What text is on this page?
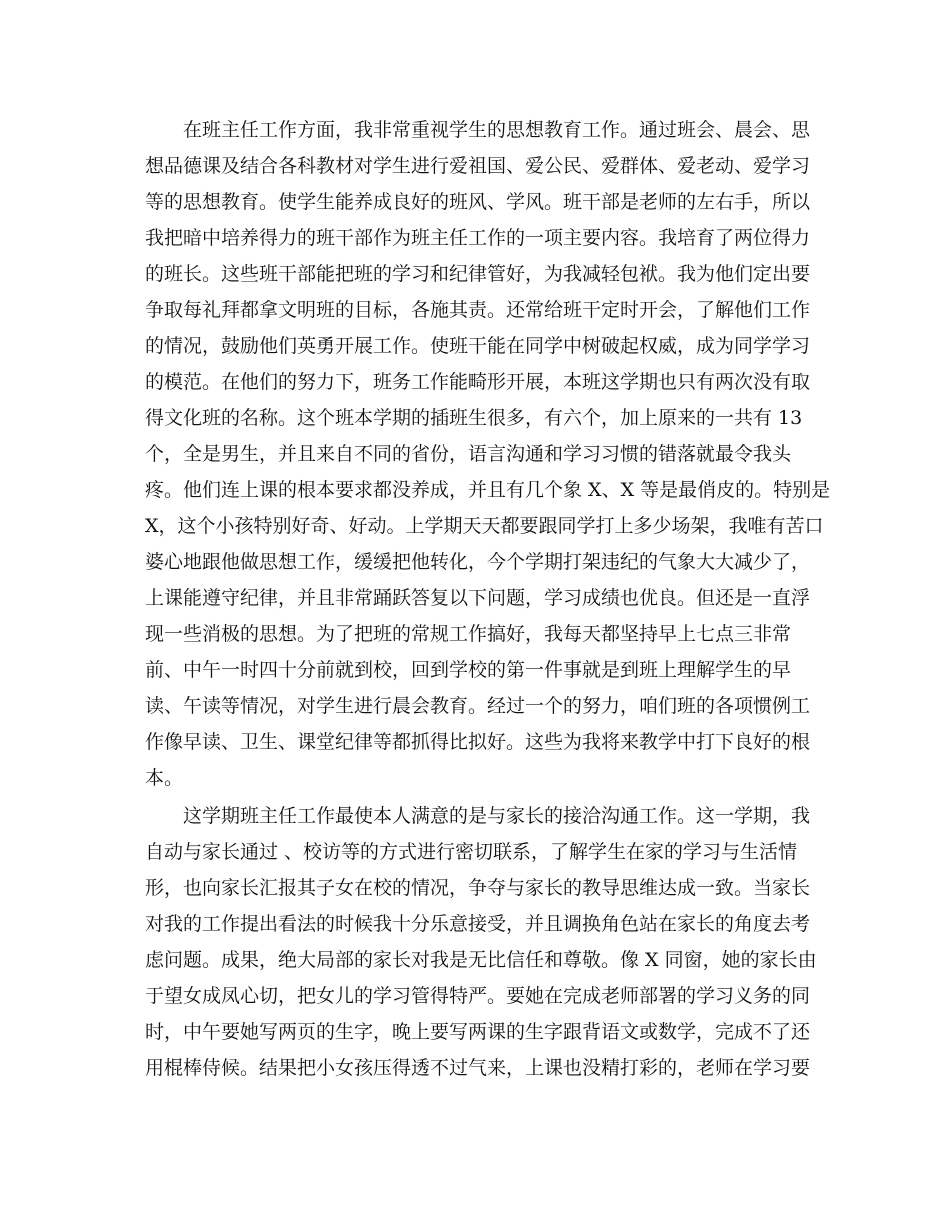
在班主任工作方面，我非常重视学生的思想教育工作。通过班会、晨会、思
想品德课及结合各科教材对学生进行爱祖国、爱公民、爱群体、爱老动、爱学习
等的思想教育。使学生能养成良好的班风、学风。班干部是老师的左右手，所以
我把暗中培养得力的班干部作为班主任工作的一项主要内容。我培育了两位得力
的班长。这些班干部能把班的学习和纪律管好，为我减轻包袱。我为他们定出要
争取每礼拜都拿文明班的目标，各施其责。还常给班干定时开会，了解他们工作
的情况，鼓励他们英勇开展工作。使班干能在同学中树破起权威，成为同学学习
的模范。在他们的努力下，班务工作能畸形开展，本班这学期也只有两次没有取
得文化班的名称。这个班本学期的插班生很多，有六个，加上原来的一共有 13
个，全是男生，并且来自不同的省份，语言沟通和学习习惯的错落就最令我头
疼。他们连上课的根本要求都没养成，并且有几个象 X、X 等是最俏皮的。特别是
X，这个小孩特别好奇、好动。上学期天天都要跟同学打上多少场架，我唯有苦口
婆心地跟他做思想工作，缓缓把他转化，今个学期打架违纪的气象大大减少了，
上课能遵守纪律，并且非常踊跃答复以下问题，学习成绩也优良。但还是一直浮
现一些消极的思想。为了把班的常规工作搞好，我每天都坚持早上七点三非常
前、中午一时四十分前就到校，回到学校的第一件事就是到班上理解学生的早
读、午读等情况，对学生进行晨会教育。经过一个的努力，咱们班的各项惯例工
作像早读、卫生、课堂纪律等都抓得比拟好。这些为我将来教学中打下良好的根
本。
这学期班主任工作最使本人满意的是与家长的接洽沟通工作。这一学期，我
自动与家长通过 、校访等的方式进行密切联系，了解学生在家的学习与生活情
形，也向家长汇报其子女在校的情况，争夺与家长的教导思维达成一致。当家长
对我的工作提出看法的时候我十分乐意接受，并且调换角色站在家长的角度去考
虑问题。成果，绝大局部的家长对我是无比信任和尊敬。像 X 同窗，她的家长由
于望女成凤心切，把女儿的学习管得特严。要她在完成老师部署的学习义务的同
时，中午要她写两页的生字，晚上要写两课的生字跟背语文或数学，完成不了还
用棍棒侍候。结果把小女孩压得透不过气来，上课也没精打彩的，老师在学习要
